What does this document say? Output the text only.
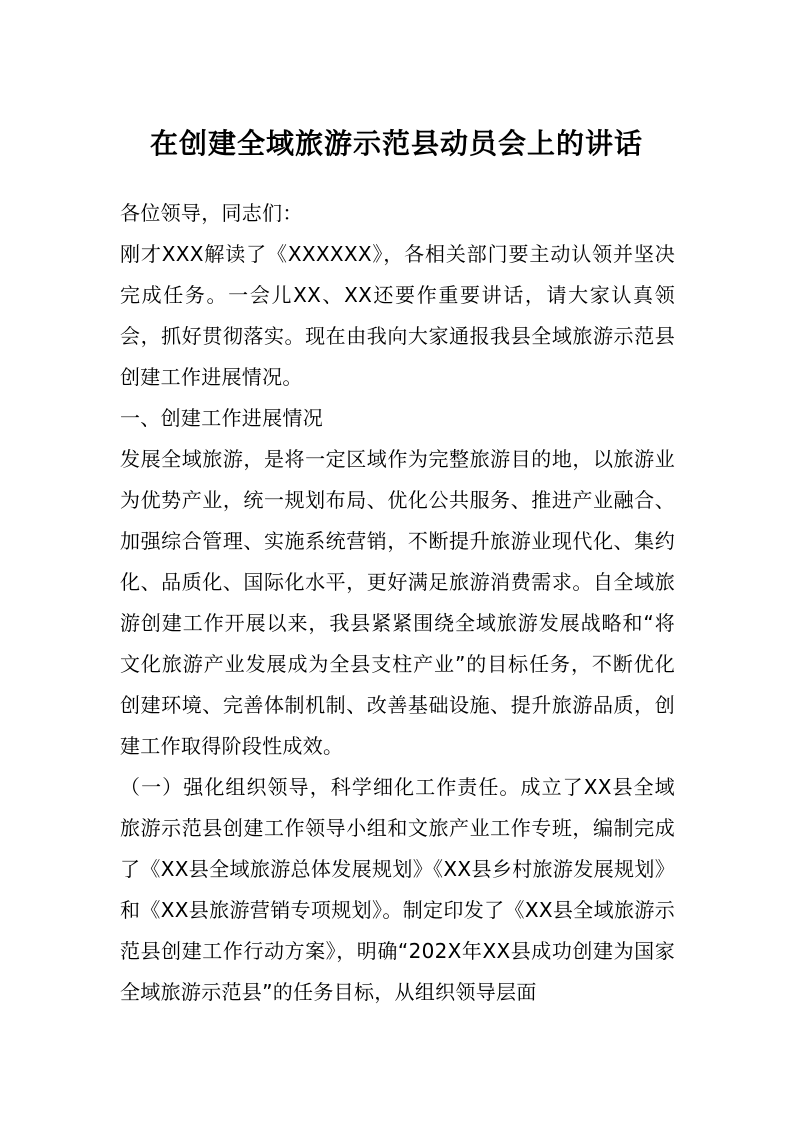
在创建全域旅游示范县动员会上的讲话

各位领导，同志们：

刚才XXX解读了《XXXXXX》，各相关部门要主动认领并坚决完成任务。一会儿XX、XX还要作重要讲话，请大家认真领会，抓好贯彻落实。现在由我向大家通报我县全域旅游示范县创建工作进展情况。

一、创建工作进展情况

发展全域旅游，是将一定区域作为完整旅游目的地，以旅游业为优势产业，统一规划布局、优化公共服务、推进产业融合、加强综合管理、实施系统营销，不断提升旅游业现代化、集约化、品质化、国际化水平，更好满足旅游消费需求。自全域旅游创建工作开展以来，我县紧紧围绕全域旅游发展战略和“将文化旅游产业发展成为全县支柱产业”的目标任务，不断优化创建环境、完善体制机制、改善基础设施、提升旅游品质，创建工作取得阶段性成效。

（一）强化组织领导，科学细化工作责任。成立了XX县全域旅游示范县创建工作领导小组和文旅产业工作专班，编制完成了《XX县全域旅游总体发展规划》《XX县乡村旅游发展规划》和《XX县旅游营销专项规划》。制定印发了《XX县全域旅游示范县创建工作行动方案》，明确“202X年XX县成功创建为国家全域旅游示范县”的任务目标，从组织领导层面
